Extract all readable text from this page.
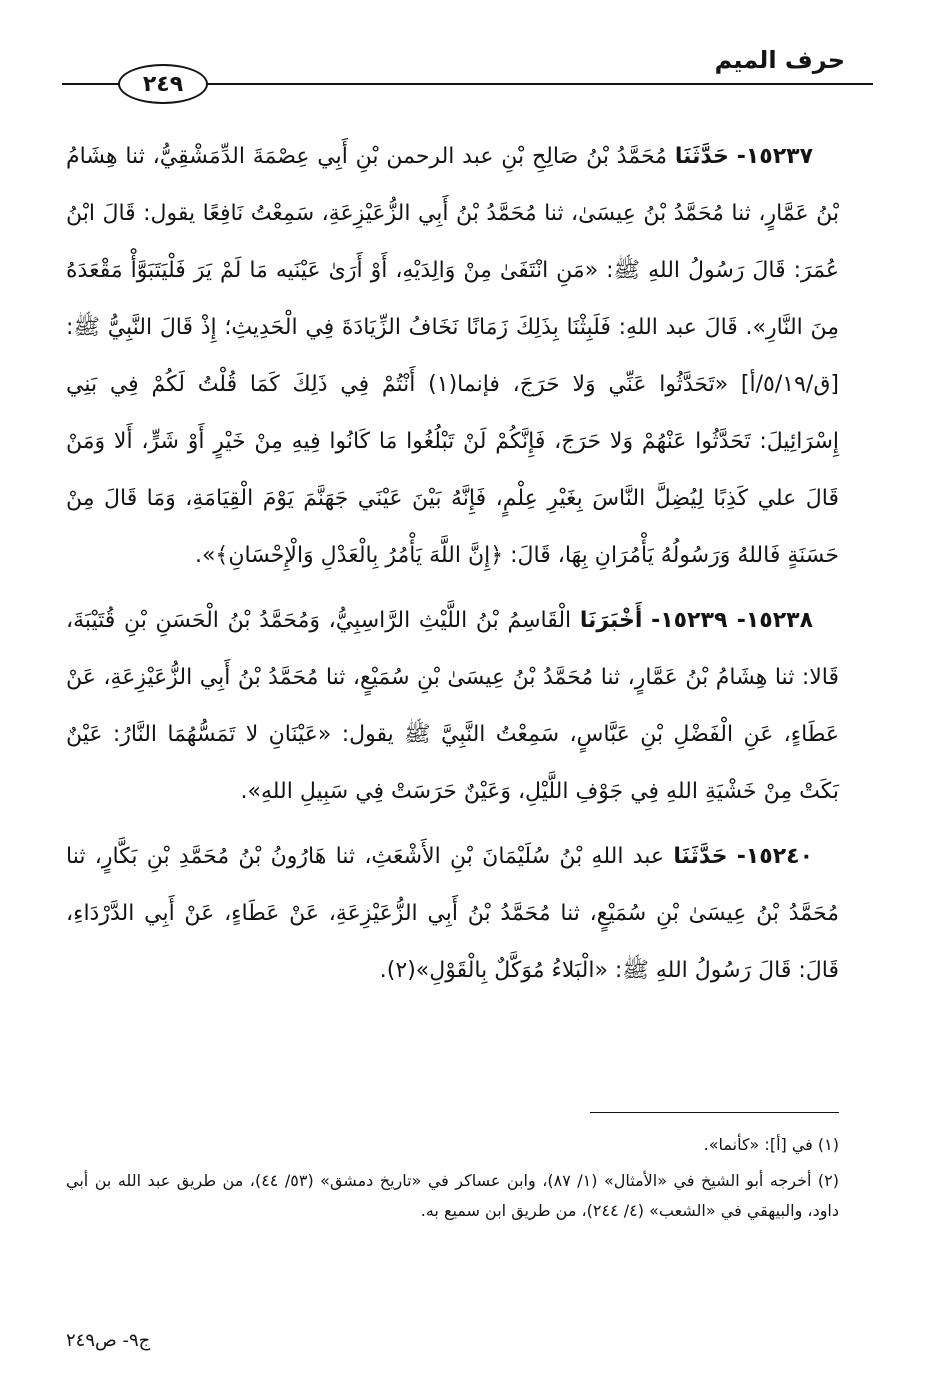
حرف الميم
٢٤٩

١٥٢٣٧- حَدَّثَنَا مُحَمَّدُ بْنُ صَالِحِ بْنِ عبد الرحمن بْنِ أَبِي عِصْمَةَ الدِّمَشْقِيُّ، ثنا هِشَامُ بْنُ عَمَّارٍ، ثنا مُحَمَّدُ بْنُ عِيسَىٰ، ثنا مُحَمَّدُ بْنُ أَبِي الزُّعَيْزِعَةِ، سَمِعْتُ نَافِعًا يقول: قَالَ ابْنُ عُمَرَ: قَالَ رَسُولُ اللهِ ﷺ: «مَنِ انْتَفَىٰ مِنْ وَالِدَيْهِ، أَوْ أَرَىٰ عَيْنَيه مَا لَمْ يَرَ فَلْيَتَبَوَّأْ مَقْعَدَهُ مِنَ النَّارِ». قَالَ عبد اللهِ: فَلَبِثْنَا بِذَلِكَ زَمَانًا نَخَافُ الزِّيَادَةَ فِي الْحَدِيثِ؛ إِذْ قَالَ النَّبِيُّ ﷺ: [ق/٥/١٩/أ] «تَحَدَّثُوا عَنِّي وَلا حَرَجَ، فإنما(١) أَنْتُمْ فِي ذَلِكَ كَمَا قُلْتُ لَكُمْ فِي بَنِي إِسْرَائِيلَ: تَحَدَّثُوا عَنْهُمْ وَلا حَرَجَ، فَإِنَّكُمْ لَنْ تَبْلُغُوا مَا كَانُوا فِيهِ مِنْ خَيْرٍ أَوْ شَرٍّ، أَلا وَمَنْ قَالَ علي كَذِبًا لِيُضِلَّ النَّاسَ بِغَيْرِ عِلْمٍ، فَإِنَّهُ بَيْنَ عَيْنَي جَهَنَّمَ يَوْمَ الْقِيَامَةِ، وَمَا قَالَ مِنْ حَسَنَةٍ فَاللهُ وَرَسُولُهُ يَأْمُرَانِ بِهَا، قَالَ: ﴿إِنَّ اللَّهَ يَأْمُرُ بِالْعَدْلِ وَالْإِحْسَانِ﴾».

١٥٢٣٨- ١٥٢٣٩- أَخْبَرَنَا الْقَاسِمُ بْنُ اللَّيْثِ الرَّاسِبِيُّ، وَمُحَمَّدُ بْنُ الْحَسَنِ بْنِ قُتَيْبَةَ، قَالا: ثنا هِشَامُ بْنُ عَمَّارٍ، ثنا مُحَمَّدُ بْنُ عِيسَىٰ بْنِ سُمَيْعٍ، ثنا مُحَمَّدُ بْنُ أَبِي الزُّعَيْزِعَةِ، عَنْ عَطَاءٍ، عَنِ الْفَضْلِ بْنِ عَبَّاسٍ، سَمِعْتُ النَّبِيَّ ﷺ يقول: «عَيْنَانِ لا تَمَسُّهُمَا النَّارُ: عَيْنٌ بَكَتْ مِنْ خَشْيَةِ اللهِ فِي جَوْفِ اللَّيْلِ، وَعَيْنٌ حَرَسَتْ فِي سَبِيلِ اللهِ».

١٥٢٤٠- حَدَّثَنَا عبد اللهِ بْنُ سُلَيْمَانَ بْنِ الأَشْعَثِ، ثنا هَارُونُ بْنُ مُحَمَّدِ بْنِ بَكَّارٍ، ثنا مُحَمَّدُ بْنُ عِيسَىٰ بْنِ سُمَيْعٍ، ثنا مُحَمَّدُ بْنُ أَبِي الزُّعَيْزِعَةِ، عَنْ عَطَاءٍ، عَنْ أَبِي الدَّرْدَاءِ، قَالَ: قَالَ رَسُولُ اللهِ ﷺ: «الْبَلاءُ مُوَكَّلٌ بِالْقَوْلِ»(٢).

(١) في [أ]: «كأنما».

(٢) أخرجه أبو الشيخ في «الأمثال» (١/ ٨٧)، وابن عساكر في «تاريخ دمشق» (٥٣/ ٤٤)، من طريق عبد الله بن أبي داود، والبيهقي في «الشعب» (٤/ ٢٤٤)، من طريق ابن سميع به.

ج٩- ص٢٤٩
